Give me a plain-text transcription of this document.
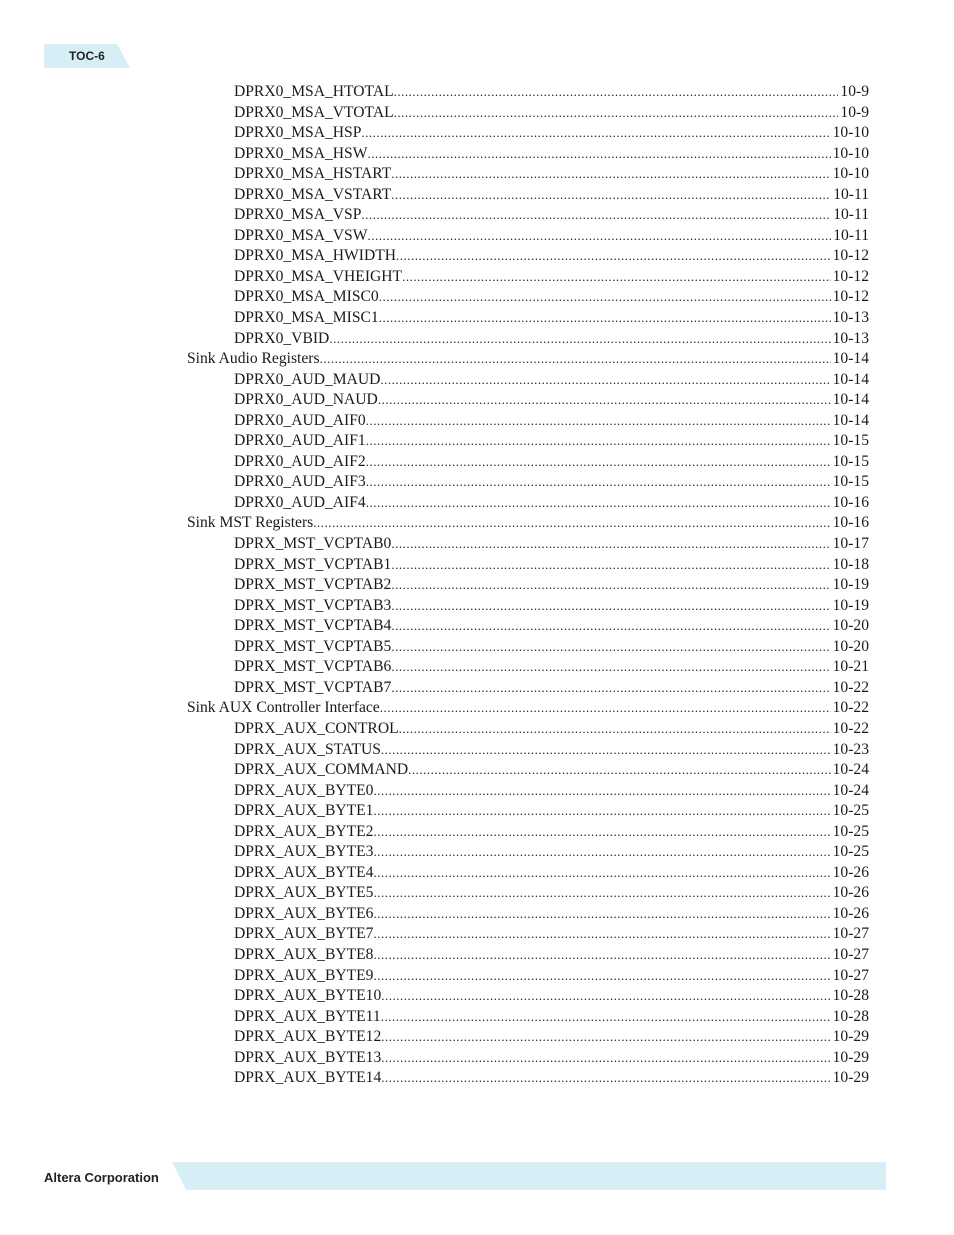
TOC-6
DPRX0_MSA_HTOTAL .....	10-9
DPRX0_MSA_VTOTAL .....	10-9
DPRX0_MSA_HSP .....	10-10
DPRX0_MSA_HSW .....	10-10
DPRX0_MSA_HSTART .....	10-10
DPRX0_MSA_VSTART .....	10-11
DPRX0_MSA_VSP .....	10-11
DPRX0_MSA_VSW .....	10-11
DPRX0_MSA_HWIDTH .....	10-12
DPRX0_MSA_VHEIGHT .....	10-12
DPRX0_MSA_MISC0 .....	10-12
DPRX0_MSA_MISC1 .....	10-13
DPRX0_VBID .....	10-13
Sink Audio Registers .....	10-14
DPRX0_AUD_MAUD .....	10-14
DPRX0_AUD_NAUD .....	10-14
DPRX0_AUD_AIF0 .....	10-14
DPRX0_AUD_AIF1 .....	10-15
DPRX0_AUD_AIF2 .....	10-15
DPRX0_AUD_AIF3 .....	10-15
DPRX0_AUD_AIF4 .....	10-16
Sink MST Registers .....	10-16
DPRX_MST_VCPTAB0 .....	10-17
DPRX_MST_VCPTAB1 .....	10-18
DPRX_MST_VCPTAB2 .....	10-19
DPRX_MST_VCPTAB3 .....	10-19
DPRX_MST_VCPTAB4 .....	10-20
DPRX_MST_VCPTAB5 .....	10-20
DPRX_MST_VCPTAB6 .....	10-21
DPRX_MST_VCPTAB7 .....	10-22
Sink AUX Controller Interface .....	10-22
DPRX_AUX_CONTROL .....	10-22
DPRX_AUX_STATUS .....	10-23
DPRX_AUX_COMMAND .....	10-24
DPRX_AUX_BYTE0 .....	10-24
DPRX_AUX_BYTE1 .....	10-25
DPRX_AUX_BYTE2 .....	10-25
DPRX_AUX_BYTE3 .....	10-25
DPRX_AUX_BYTE4 .....	10-26
DPRX_AUX_BYTE5 .....	10-26
DPRX_AUX_BYTE6 .....	10-26
DPRX_AUX_BYTE7 .....	10-27
DPRX_AUX_BYTE8 .....	10-27
DPRX_AUX_BYTE9 .....	10-27
DPRX_AUX_BYTE10 .....	10-28
DPRX_AUX_BYTE11 .....	10-28
DPRX_AUX_BYTE12 .....	10-29
DPRX_AUX_BYTE13 .....	10-29
DPRX_AUX_BYTE14 .....	10-29
Altera Corporation
